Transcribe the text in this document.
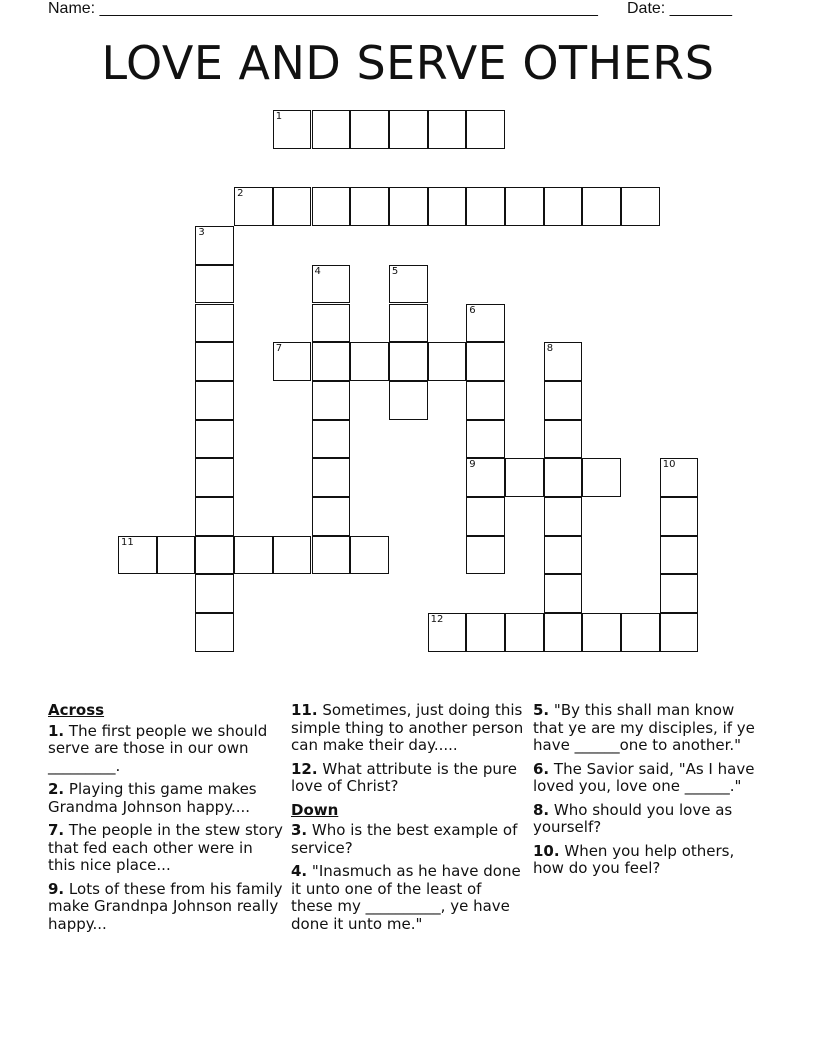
Name: ________________________________________________________ Date: _______
LOVE AND SERVE OTHERS
1
2
3
4	5
6
9
7	8
10
11
12
Across
1. The first people we should serve are those in our own _________.
2. Playing this game makes Grandma Johnson happy....
7. The people in the stew story that fed each other were in this nice place...
9. Lots of these from his family make Grandnpa Johnson really happy...
11. Sometimes, just doing this simple thing to another person can make their day.....
12. What attribute is the pure love of Christ?
Down
3. Who is the best example of service?
4. "Inasmuch as he have done it unto one of the least of these my __________, ye have done it unto me."
5. "By this shall man know that ye are my disciples, if ye have ______one to another."
6. The Savior said, "As I have loved you, love one ______."
8. Who should you love as yourself?
10. When you help others, how do you feel?
